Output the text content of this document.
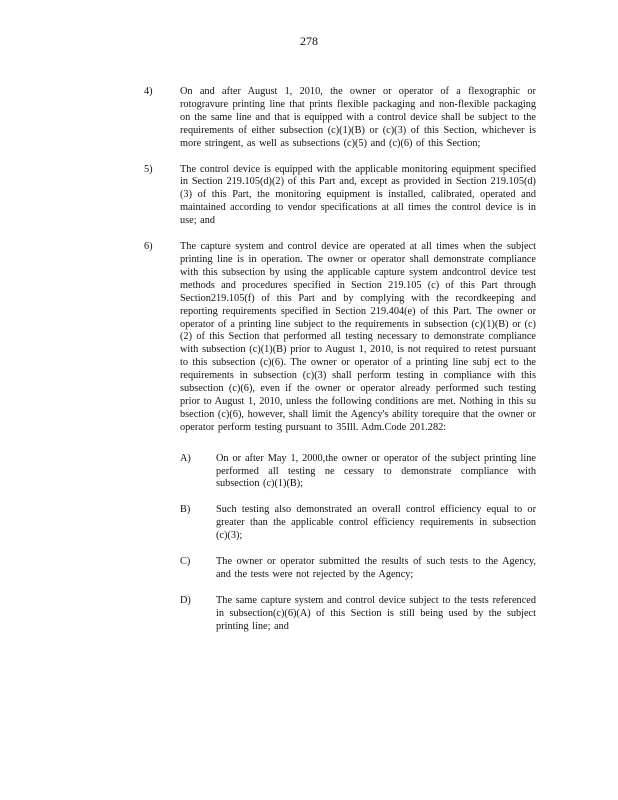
278
4)	On and after August 1, 2010, the owner or operator of a flexographic or rotogravure printing line that prints flexible packaging and non-flexible packaging on the same line and that is equipped with a control device shall be subject to the requirements of either subsection (c)(1)(B) or (c)(3) of this Section, whichever is more stringent, as well as subsections (c)(5) and (c)(6) of this Section;
5)	The control device is equipped with the applicable monitoring equipment specified in Section 219.105(d)(2) of this Part and, except as provided in Section 219.105(d)(3) of this Part, the monitoring equipment is installed, calibrated, operated and maintained according to vendor specifications at all times the control device is in use; and
6)	The capture system and control device are operated at all times when the subject printing line is in operation. The owner or operator shall demonstrate compliance with this subsection by using the applicable capture system andcontrol device test methods and procedures specified in Section 219.105 (c) of this Part through Section219.105(f) of this Part and by complying with the recordkeeping and reporting requirements specified in Section 219.404(e) of this Part. The owner or operator of a printing line subject to the requirements in subsection (c)(1)(B) or (c)(2) of this Section that performed all testing necessary to demonstrate compliance with subsection (c)(1)(B) prior to August 1, 2010, is not required to retest pursuant to this subsection (c)(6). The owner or operator of a printing line subj ect to the requirements in subsection (c)(3) shall perform testing in compliance with this subsection (c)(6), even if the owner or operator already performed such testing prior to August 1, 2010, unless the following conditions are met. Nothing in this su bsection (c)(6), however, shall limit the Agency's ability torequire that the owner or operator perform testing pursuant to 35Ill. Adm.Code 201.282:
A)	On or after May 1, 2000,the owner or operator of the subject printing line performed all testing ne cessary to demonstrate compliance with subsection (c)(1)(B);
B)	Such testing also demonstrated an overall control efficiency equal to or greater than the applicable control efficiency requirements in subsection (c)(3);
C)	The owner or operator submitted the results of such tests to the Agency, and the tests were not rejected by the Agency;
D)	The same capture system and control device subject to the tests referenced in subsection(c)(6)(A) of this Section is still being used by the subject printing line; and
